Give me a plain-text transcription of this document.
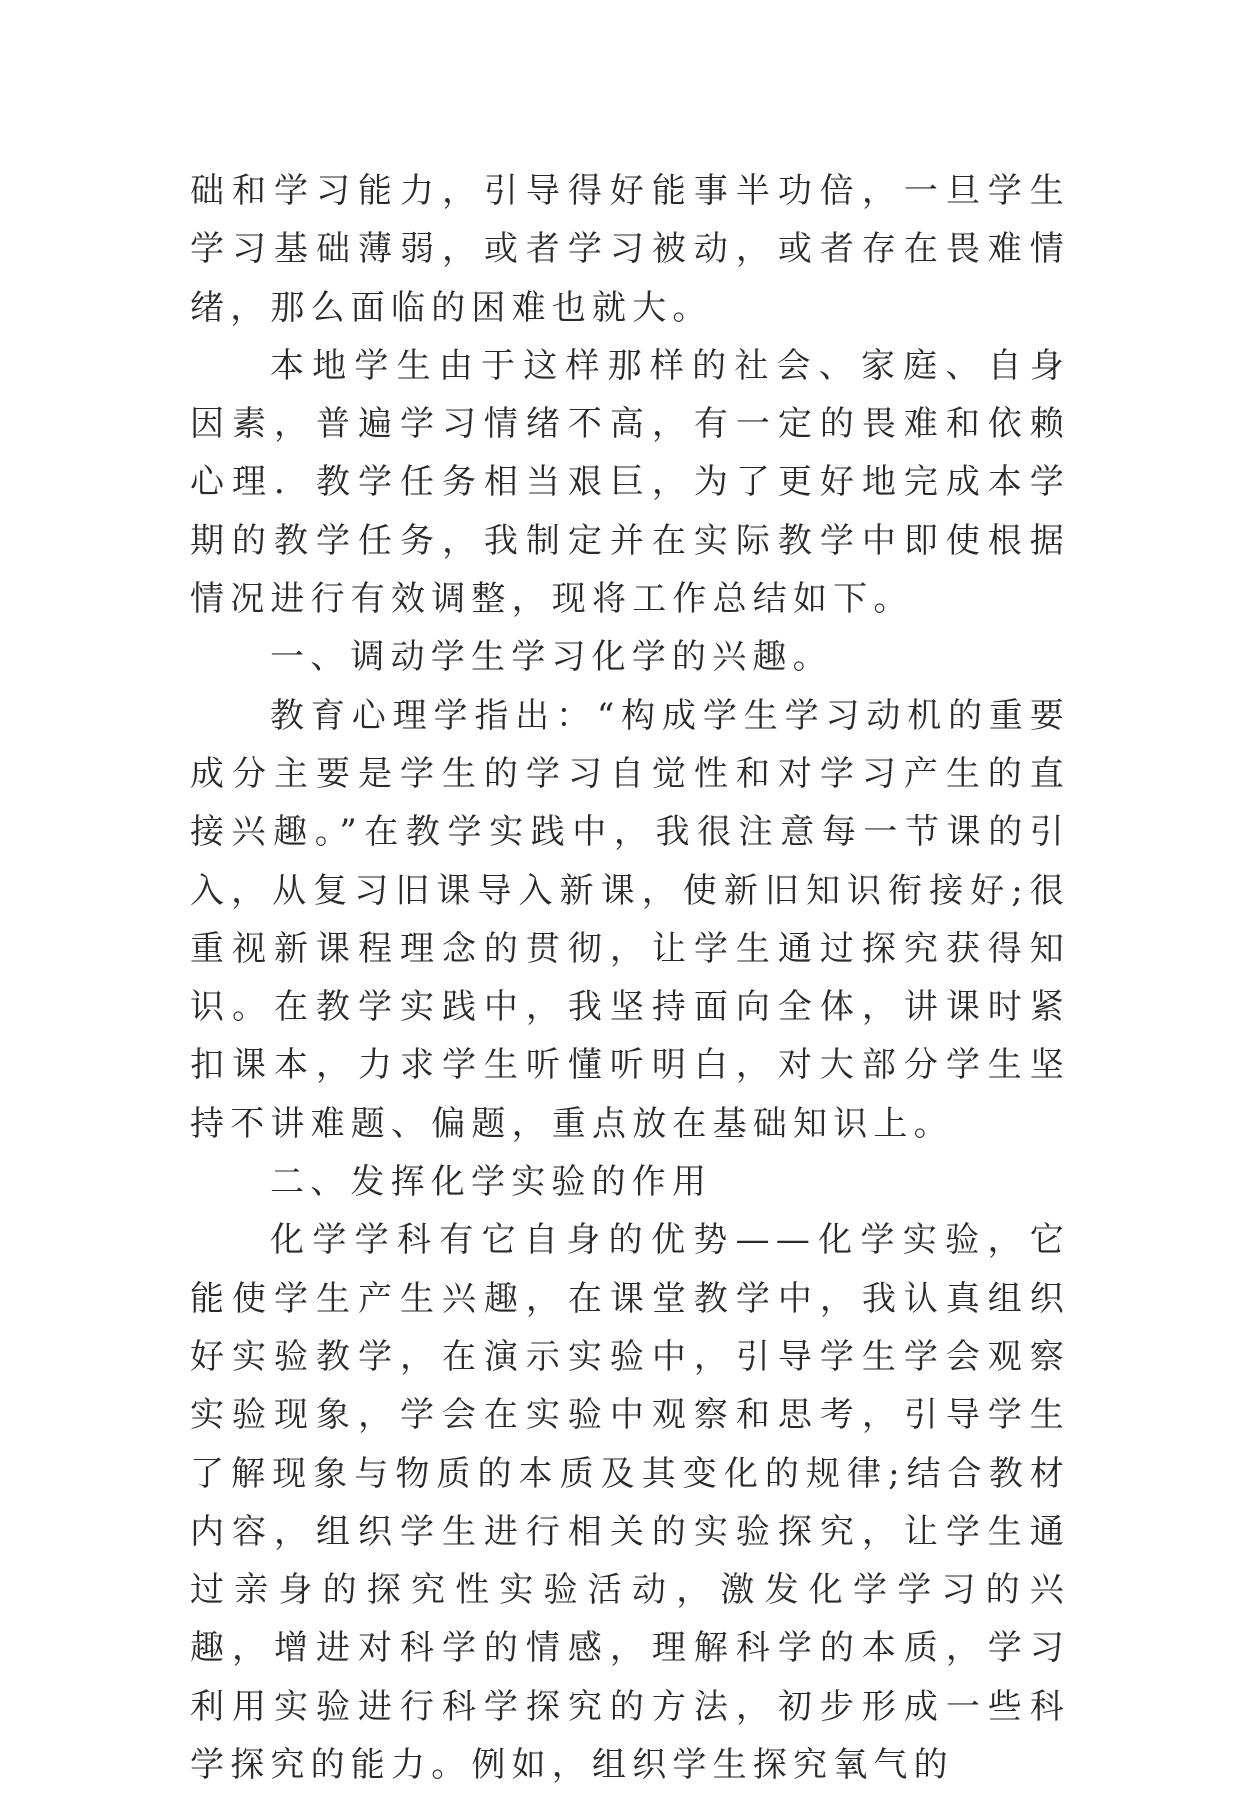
础和学习能力，引导得好能事半功倍，一旦学生学习基础薄弱，或者学习被动，或者存在畏难情绪，那么面临的困难也就大。

本地学生由于这样那样的社会、家庭、自身因素，普遍学习情绪不高，有一定的畏难和依赖心理．教学任务相当艰巨，为了更好地完成本学期的教学任务，我制定并在实际教学中即使根据情况进行有效调整，现将工作总结如下。

一、调动学生学习化学的兴趣。

教育心理学指出：“构成学生学习动机的重要成分主要是学生的学习自觉性和对学习产生的直接兴趣。”在教学实践中，我很注意每一节课的引入，从复习旧课导入新课，使新旧知识衔接好;很重视新课程理念的贯彻，让学生通过探究获得知识。在教学实践中，我坚持面向全体，讲课时紧扣课本，力求学生听懂听明白，对大部分学生坚持不讲难题、偏题，重点放在基础知识上。

二、发挥化学实验的作用

化学学科有它自身的优势——化学实验，它能使学生产生兴趣，在课堂教学中，我认真组织好实验教学，在演示实验中，引导学生学会观察实验现象，学会在实验中观察和思考，引导学生了解现象与物质的本质及其变化的规律;结合教材内容，组织学生进行相关的实验探究，让学生通过亲身的探究性实验活动，激发化学学习的兴趣，增进对科学的情感，理解科学的本质，学习利用实验进行科学探究的方法，初步形成一些科学探究的能力。例如，组织学生探究氧气的
